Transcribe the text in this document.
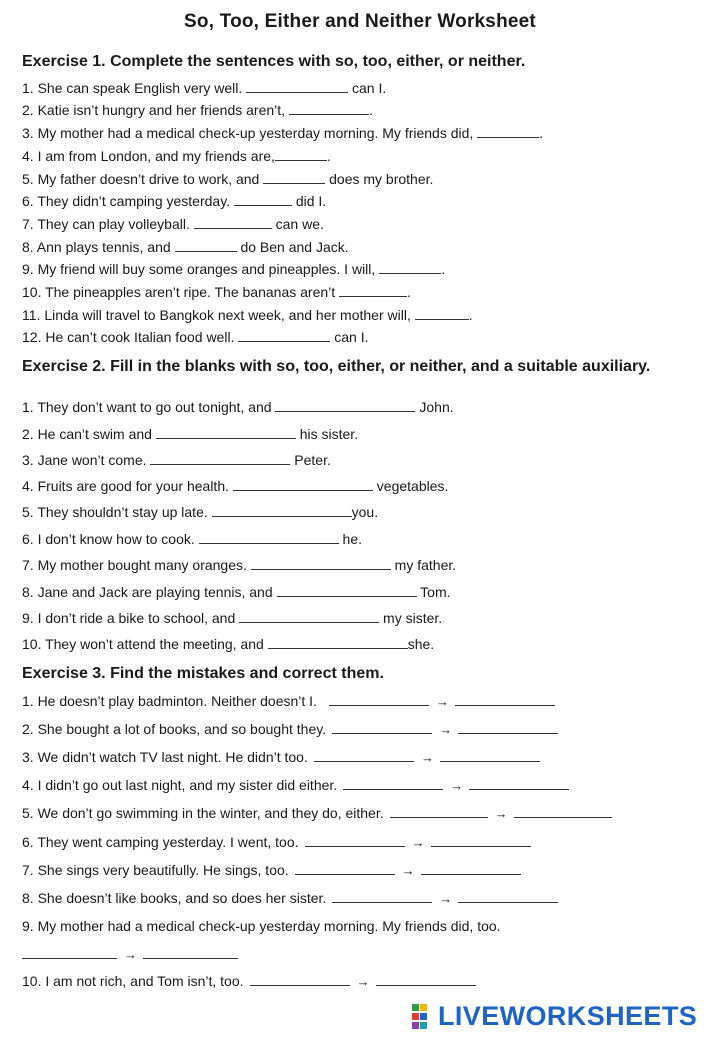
So, Too, Either and Neither Worksheet
Exercise 1. Complete the sentences with so, too, either, or neither.
1. She can speak English very well.	can I.
2. Katie isn’t hungry and her friends aren’t,	.
3. My mother had a medical check-up yesterday morning. My friends did,	.
4. I am from London, and my friends are,	.
5. My father doesn’t drive to work, and	does my brother.
6. They didn’t camping yesterday.	did I.
7. They can play volleyball.	can we.
8. Ann plays tennis, and	do Ben and Jack.
9. My friend will buy some oranges and pineapples. I will,	.
10. The pineapples aren’t ripe. The bananas aren’t	.
11. Linda will travel to Bangkok next week, and her mother will,	.
12. He can’t cook Italian food well.	can I.
Exercise 2. Fill in the blanks with so, too, either, or neither, and a suitable auxiliary.
1. They don’t want to go out tonight, and	John.
2. He can’t swim and	his sister.
3. Jane won’t come.	Peter.
4. Fruits are good for your health.	vegetables.
5. They shouldn’t stay up late.	you.
6. I don’t know how to cook.	he.
7. My mother bought many oranges.	my father.
8. Jane and Jack are playing tennis, and	Tom.
9. I don’t ride a bike to school, and	my sister.
10. They won’t attend the meeting, and	she.
Exercise 3. Find the mistakes and correct them.
1. He doesn’t play badminton. Neither doesn’t I.	→
2. She bought a lot of books, and so bought they.	→
3. We didn’t watch TV last night. He didn’t too.	→
4. I didn’t go out last night, and my sister did either.	→
5. We don’t go swimming in the winter, and they do, either.	→
6. They went camping yesterday. I went, too.	→
7. She sings very beautifully. He sings, too.	→
8. She doesn’t like books, and so does her sister.	→
9. My mother had a medical check-up yesterday morning. My friends did, too.
→
10. I am not rich, and Tom isn’t, too.	→
LIVEWORKSHEETS
